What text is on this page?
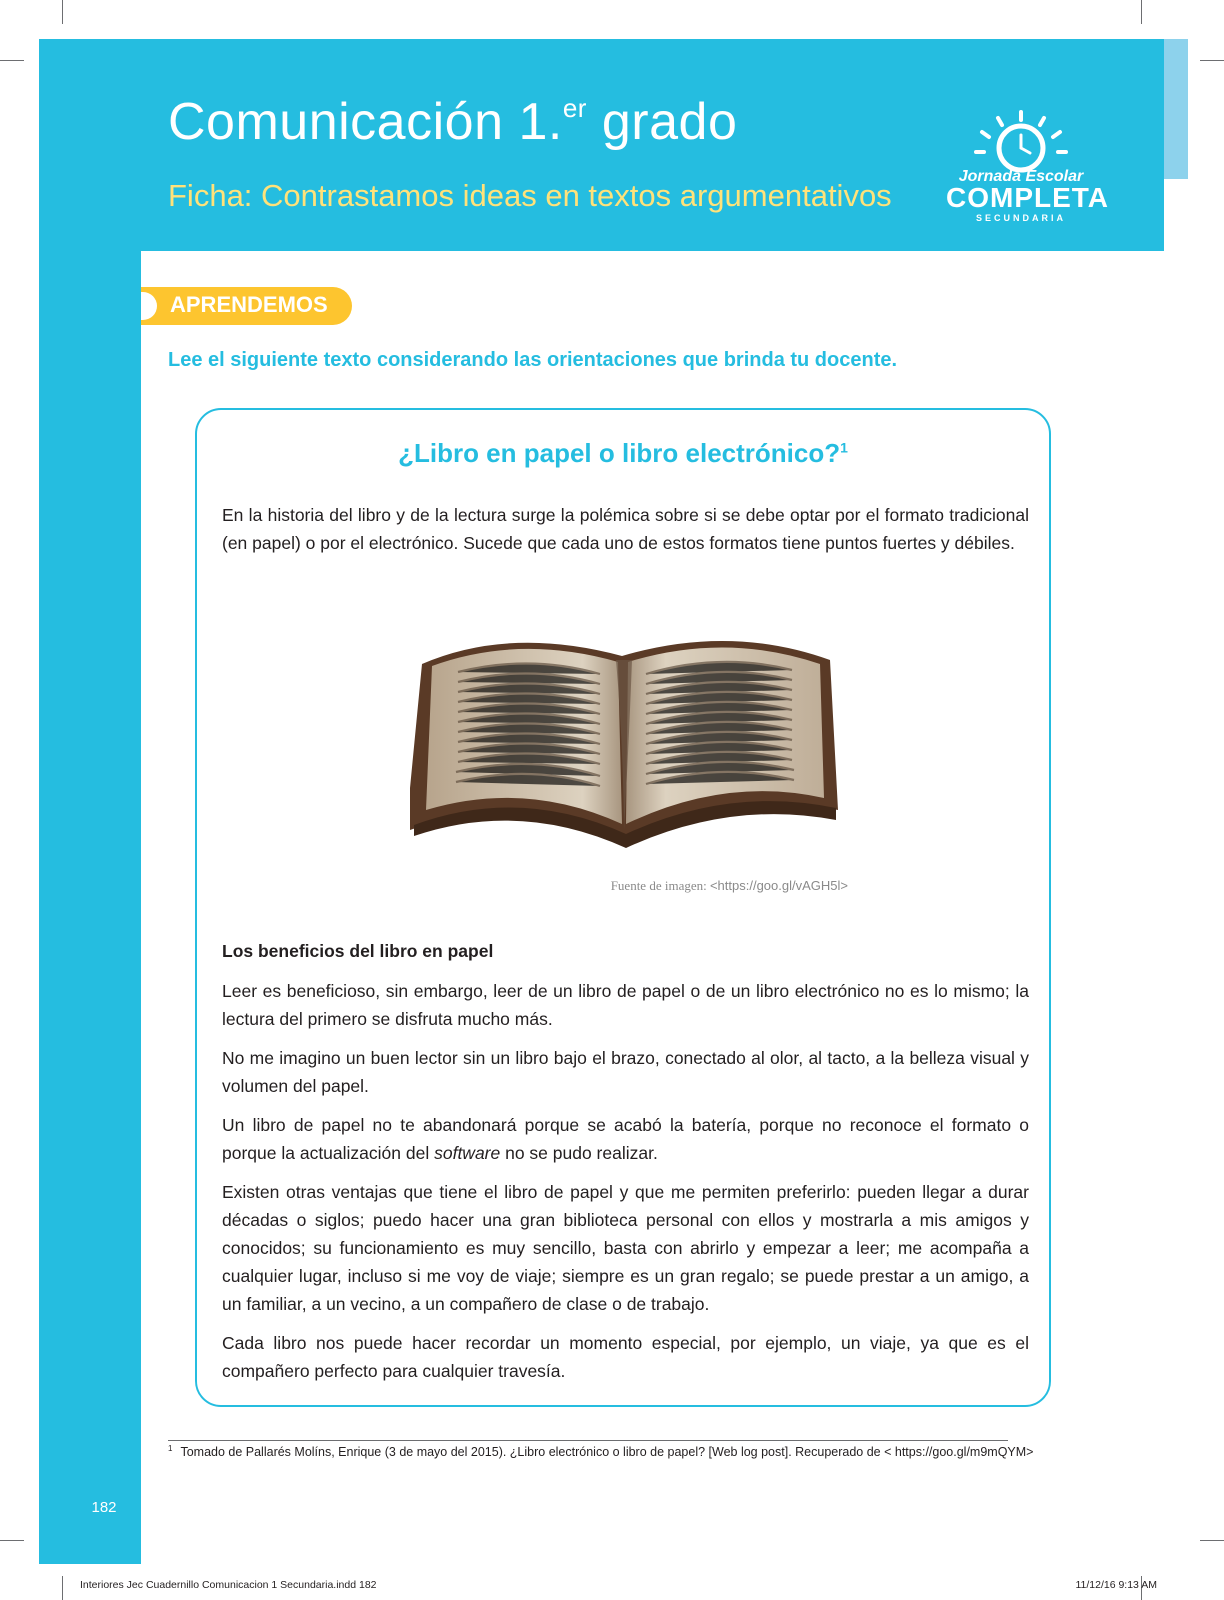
Comunicación 1.$^{er}$ grado
Ficha: Contrastamos ideas en textos argumentativos
Jornada Escolar
COMPLETA
SECUNDARIA
APRENDEMOS

Lee el siguiente texto considerando las orientaciones que brinda tu docente.

¿Libro en papel o libro electrónico?$^1$

En la historia del libro y de la lectura surge la polémica sobre si se debe optar por el formato tradicional (en papel) o por el electrónico. Sucede que cada uno de estos formatos tiene puntos fuertes y débiles.

Fuente de imagen: <https://goo.gl/vAGH5l>

Los beneficios del libro en papel

Leer es beneficioso, sin embargo, leer de un libro de papel o de un libro electrónico no es lo mismo; la lectura del primero se disfruta mucho más.

No me imagino un buen lector sin un libro bajo el brazo, conectado al olor, al tacto, a la belleza visual y volumen del papel.

Un libro de papel no te abandonará porque se acabó la batería, porque no reconoce el formato o porque la actualización del software no se pudo realizar.

Existen otras ventajas que tiene el libro de papel y que me permiten preferirlo: pueden llegar a durar décadas o siglos; puedo hacer una gran biblioteca personal con ellos y mostrarla a mis amigos y conocidos; su funcionamiento es muy sencillo, basta con abrirlo y empezar a leer; me acompaña a cualquier lugar, incluso si me voy de viaje; siempre es un gran regalo; se puede prestar a un amigo, a un familiar, a un vecino, a un compañero de clase o de trabajo.

Cada libro nos puede hacer recordar un momento especial, por ejemplo, un viaje, ya que es el compañero perfecto para cualquier travesía.

$^1$ Tomado de Pallarés Molíns, Enrique (3 de mayo del 2015). ¿Libro electrónico o libro de papel? [Web log post]. Recuperado de < https://goo.gl/m9mQYM>

182

Interiores Jec Cuadernillo Comunicacion 1 Secundaria.indd 182	11/12/16 9:13 AM
